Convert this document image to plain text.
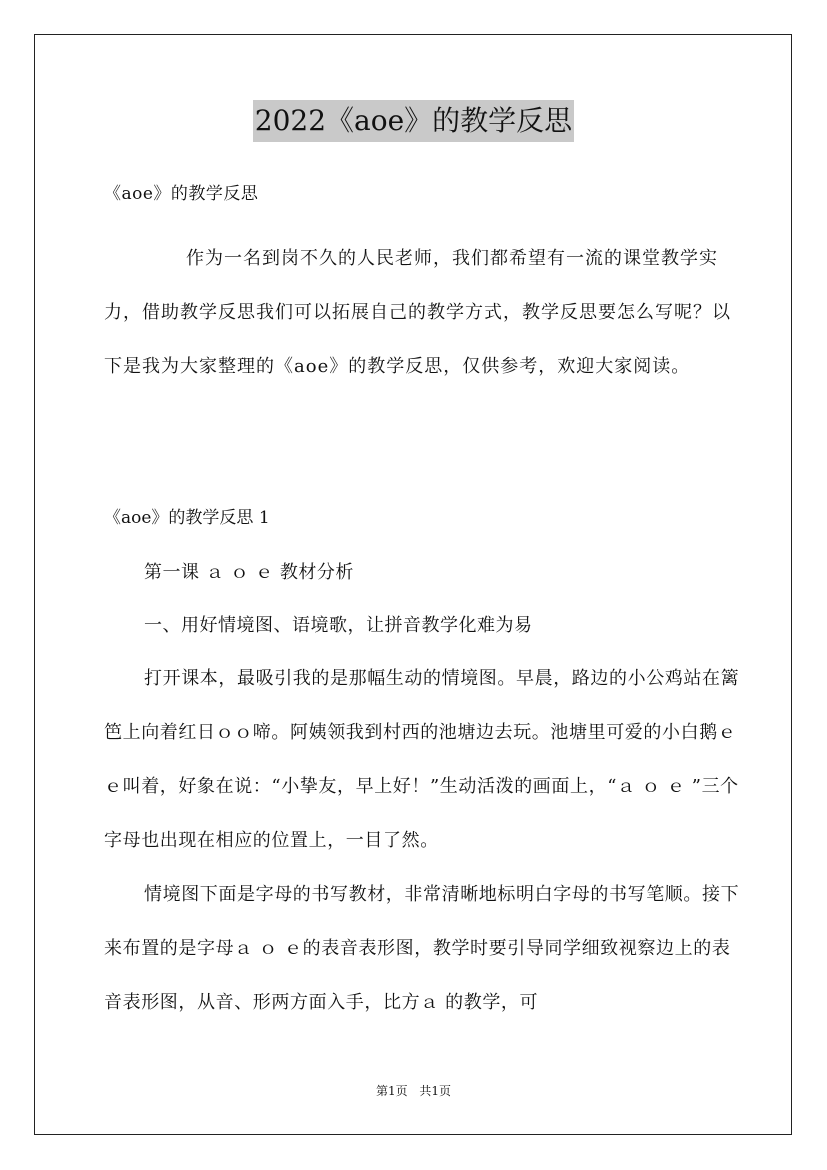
2022《aoe》的教学反思
《aoe》的教学反思

作为一名到岗不久的人民老师，我们都希望有一流的课堂教学实力，借助教学反思我们可以拓展自己的教学方式，教学反思要怎么写呢？以下是我为大家整理的《aoe》的教学反思，仅供参考，欢迎大家阅读。

《aoe》的教学反思 1
第一课 ａ ｏ ｅ 教材分析
一、用好情境图、语境歌，让拼音教学化难为易

打开课本，最吸引我的是那幅生动的情境图。早晨，路边的小公鸡站在篱笆上向着红日ｏｏ啼。阿姨领我到村西的池塘边去玩。池塘里可爱的小白鹅ｅｅ叫着，好象在说：“小挚友，早上好！”生动活泼的画面上，“ａ ｏ ｅ ”三个字母也出现在相应的位置上，一目了然。

情境图下面是字母的书写教材，非常清晰地标明白字母的书写笔顺。接下来布置的是字母ａ ｏ ｅ的表音表形图，教学时要引导同学细致视察边上的表音表形图，从音、形两方面入手，比方ａ 的教学，可

第1页 共1页
